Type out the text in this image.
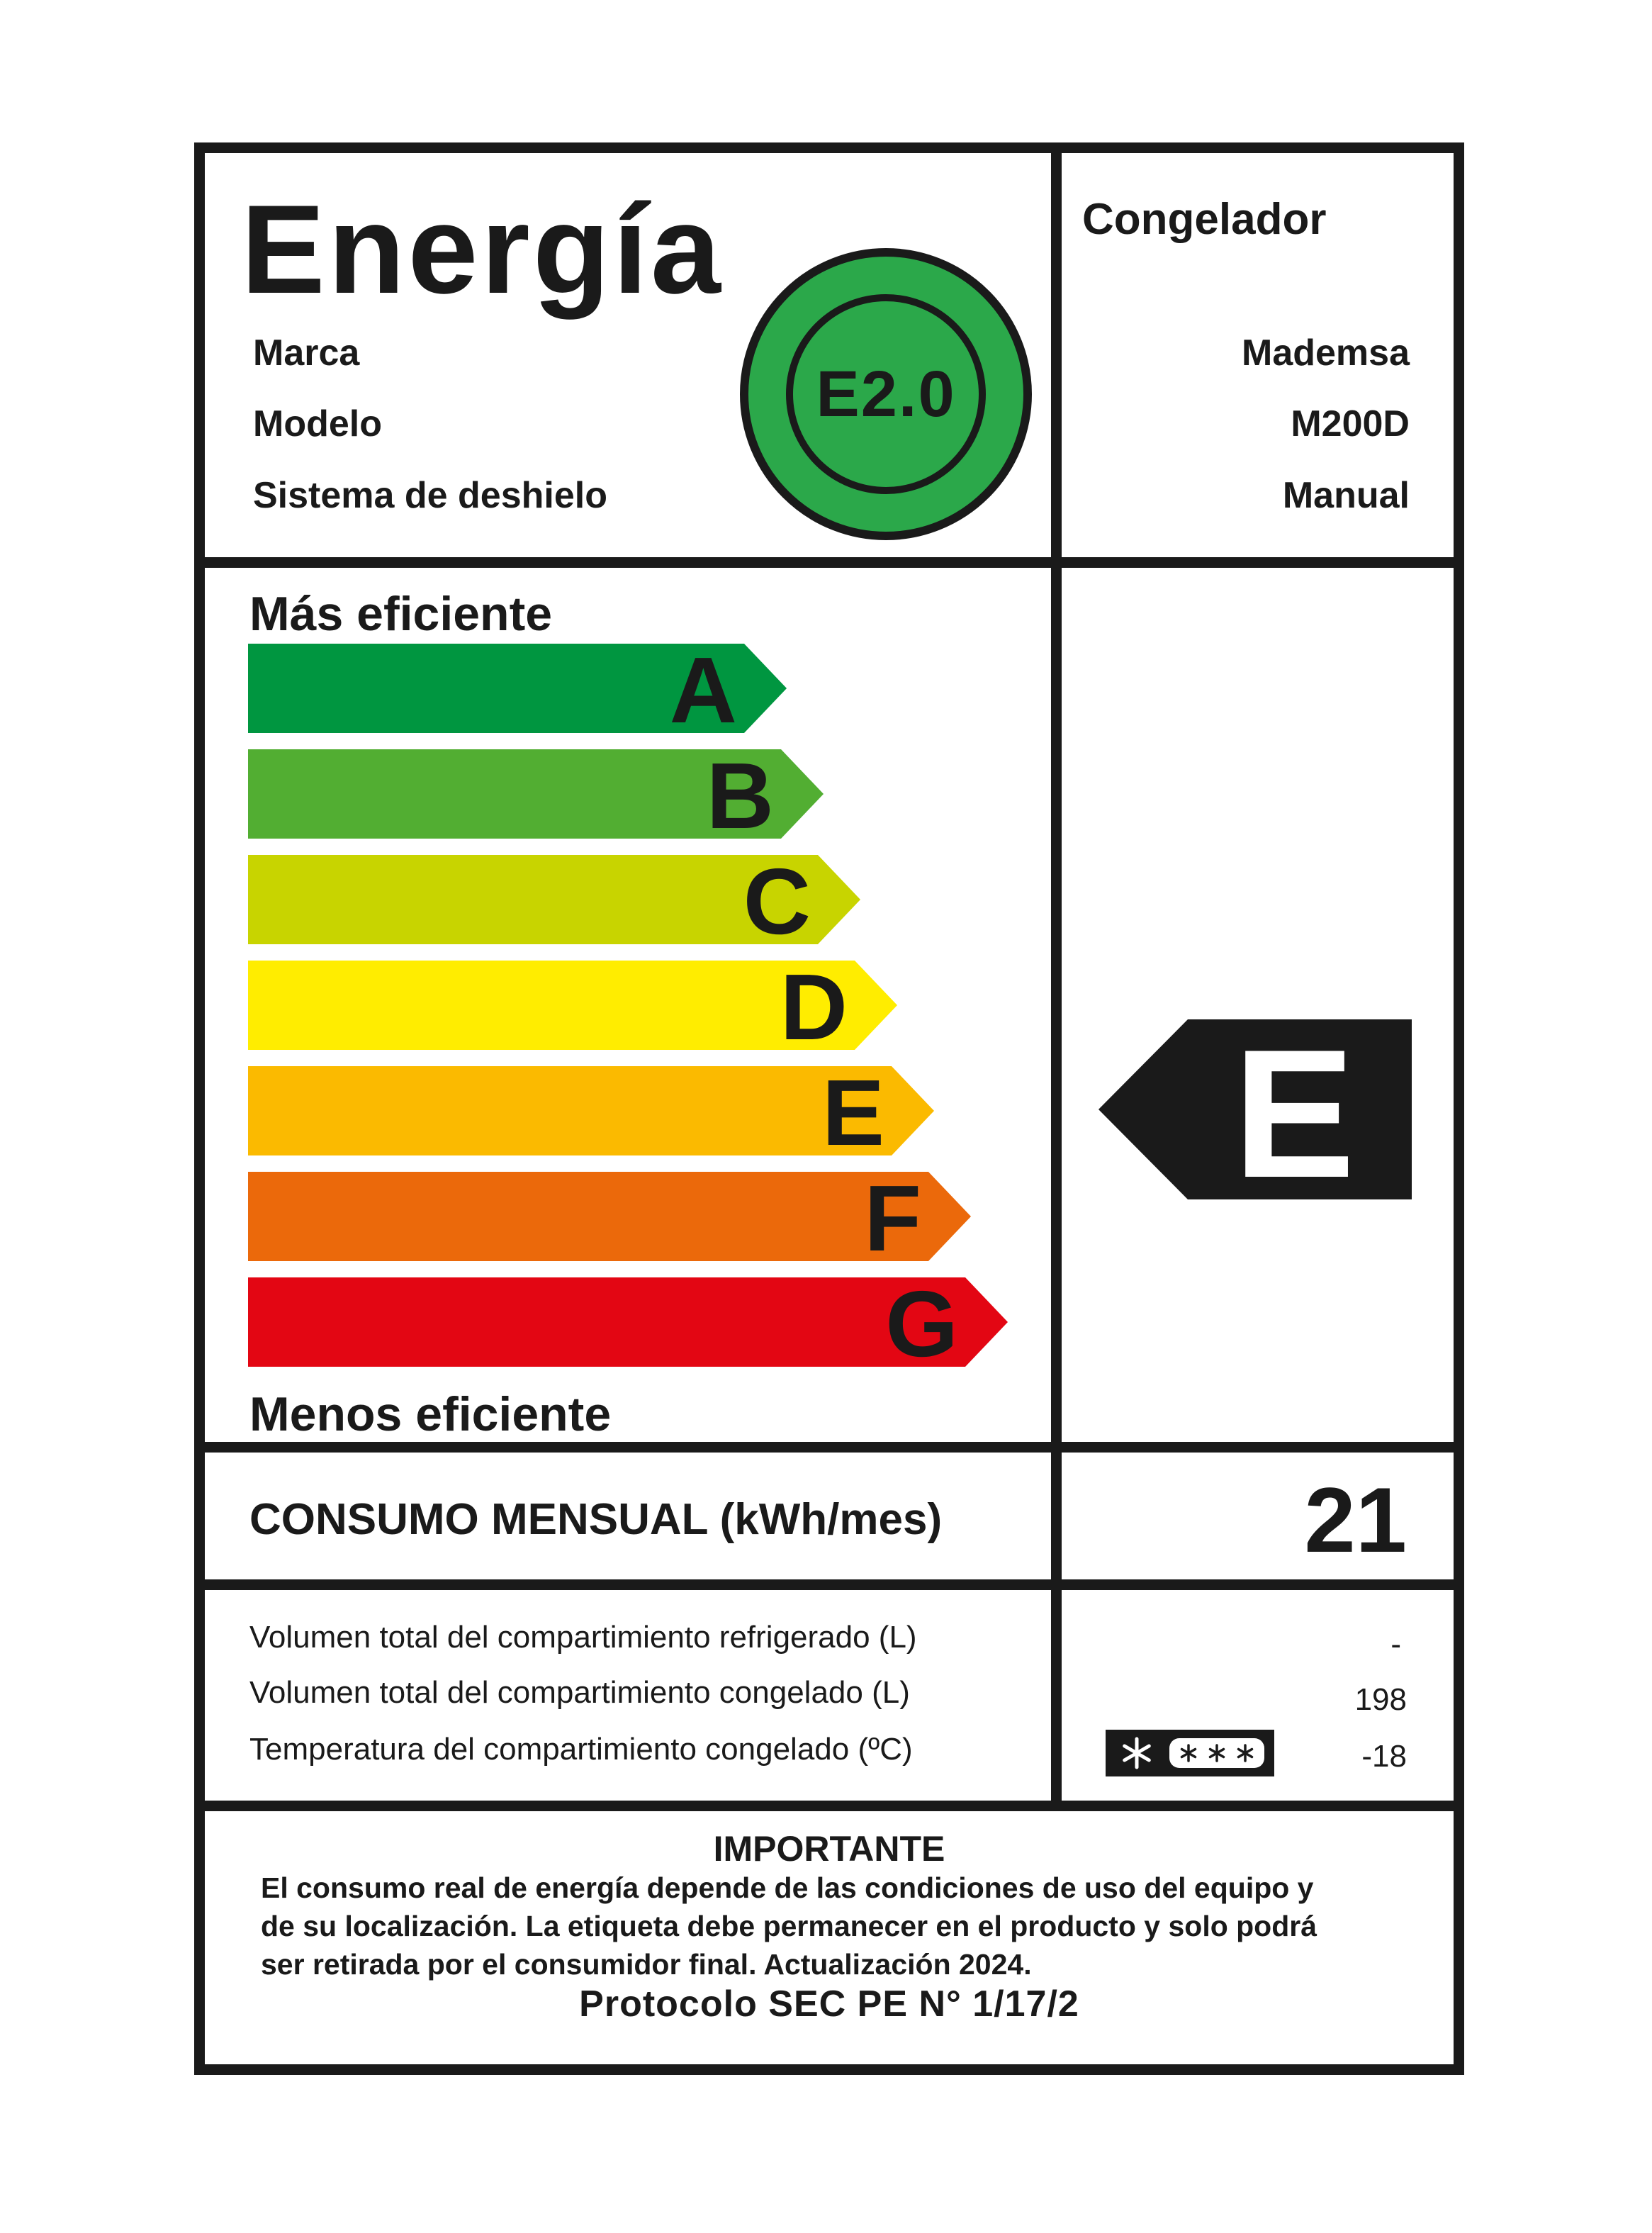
Energía	Congelador
Marca
Modelo
Sistema de deshielo
Mademsa
M200D
Manual
E2.0
Más eficiente
A
B
C
D
E
F
G
Menos eficiente
E
CONSUMO MENSUAL (kWh/mes)	21
Volumen total del compartimiento refrigerado (L)
Volumen total del compartimiento congelado (L)
Temperatura del compartimiento congelado (ºC)
-
198
-18
IMPORTANTE
El consumo real de energía depende de las condiciones de uso del equipo y
de su localización. La etiqueta debe permanecer en el producto y solo podrá
ser retirada por el consumidor final. Actualización 2024.
Protocolo SEC PE N° 1/17/2
